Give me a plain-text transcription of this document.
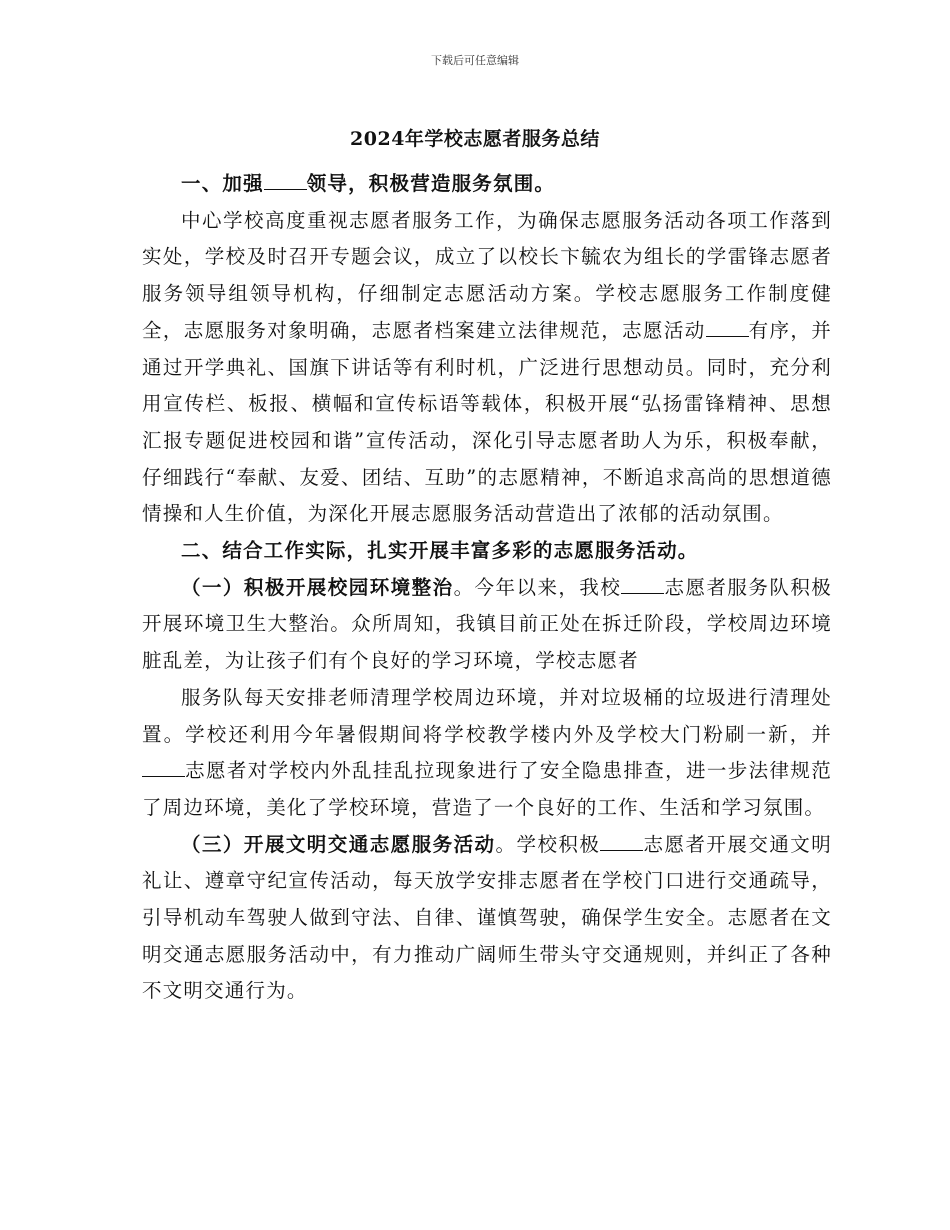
下载后可任意编辑
2024年学校志愿者服务总结

一、加强 领导，积极营造服务氛围。

中心学校高度重视志愿者服务工作，为确保志愿服务活动各项工作落到实处，学校及时召开专题会议，成立了以校长卞毓农为组长的学雷锋志愿者服务领导组领导机构，仔细制定志愿活动方案。学校志愿服务工作制度健全，志愿服务对象明确，志愿者档案建立法律规范，志愿活动 有序，并通过开学典礼、国旗下讲话等有利时机，广泛进行思想动员。同时，充分利用宣传栏、板报、横幅和宣传标语等载体，积极开展“弘扬雷锋精神、思想汇报专题促进校园和谐”宣传活动，深化引导志愿者助人为乐，积极奉献，仔细践行“奉献、友爱、团结、互助”的志愿精神，不断追求高尚的思想道德情操和人生价值，为深化开展志愿服务活动营造出了浓郁的活动氛围。

二、结合工作实际，扎实开展丰富多彩的志愿服务活动。

（一）积极开展校园环境整治。今年以来，我校 志愿者服务队积极开展环境卫生大整治。众所周知，我镇目前正处在拆迁阶段，学校周边环境脏乱差，为让孩子们有个良好的学习环境，学校志愿者

服务队每天安排老师清理学校周边环境，并对垃圾桶的垃圾进行清理处置。学校还利用今年暑假期间将学校教学楼内外及学校大门粉刷一新，并志愿者对学校内外乱挂乱拉现象进行了安全隐患排查，进一步法律规范了周边环境，美化了学校环境，营造了一个良好的工作、生活和学习氛围。

（三）开展文明交通志愿服务活动。学校积极 志愿者开展交通文明礼让、遵章守纪宣传活动，每天放学安排志愿者在学校门口进行交通疏导，引导机动车驾驶人做到守法、自律、谨慎驾驶，确保学生安全。志愿者在文明交通志愿服务活动中，有力推动广阔师生带头守交通规则，并纠正了各种不文明交通行为。
